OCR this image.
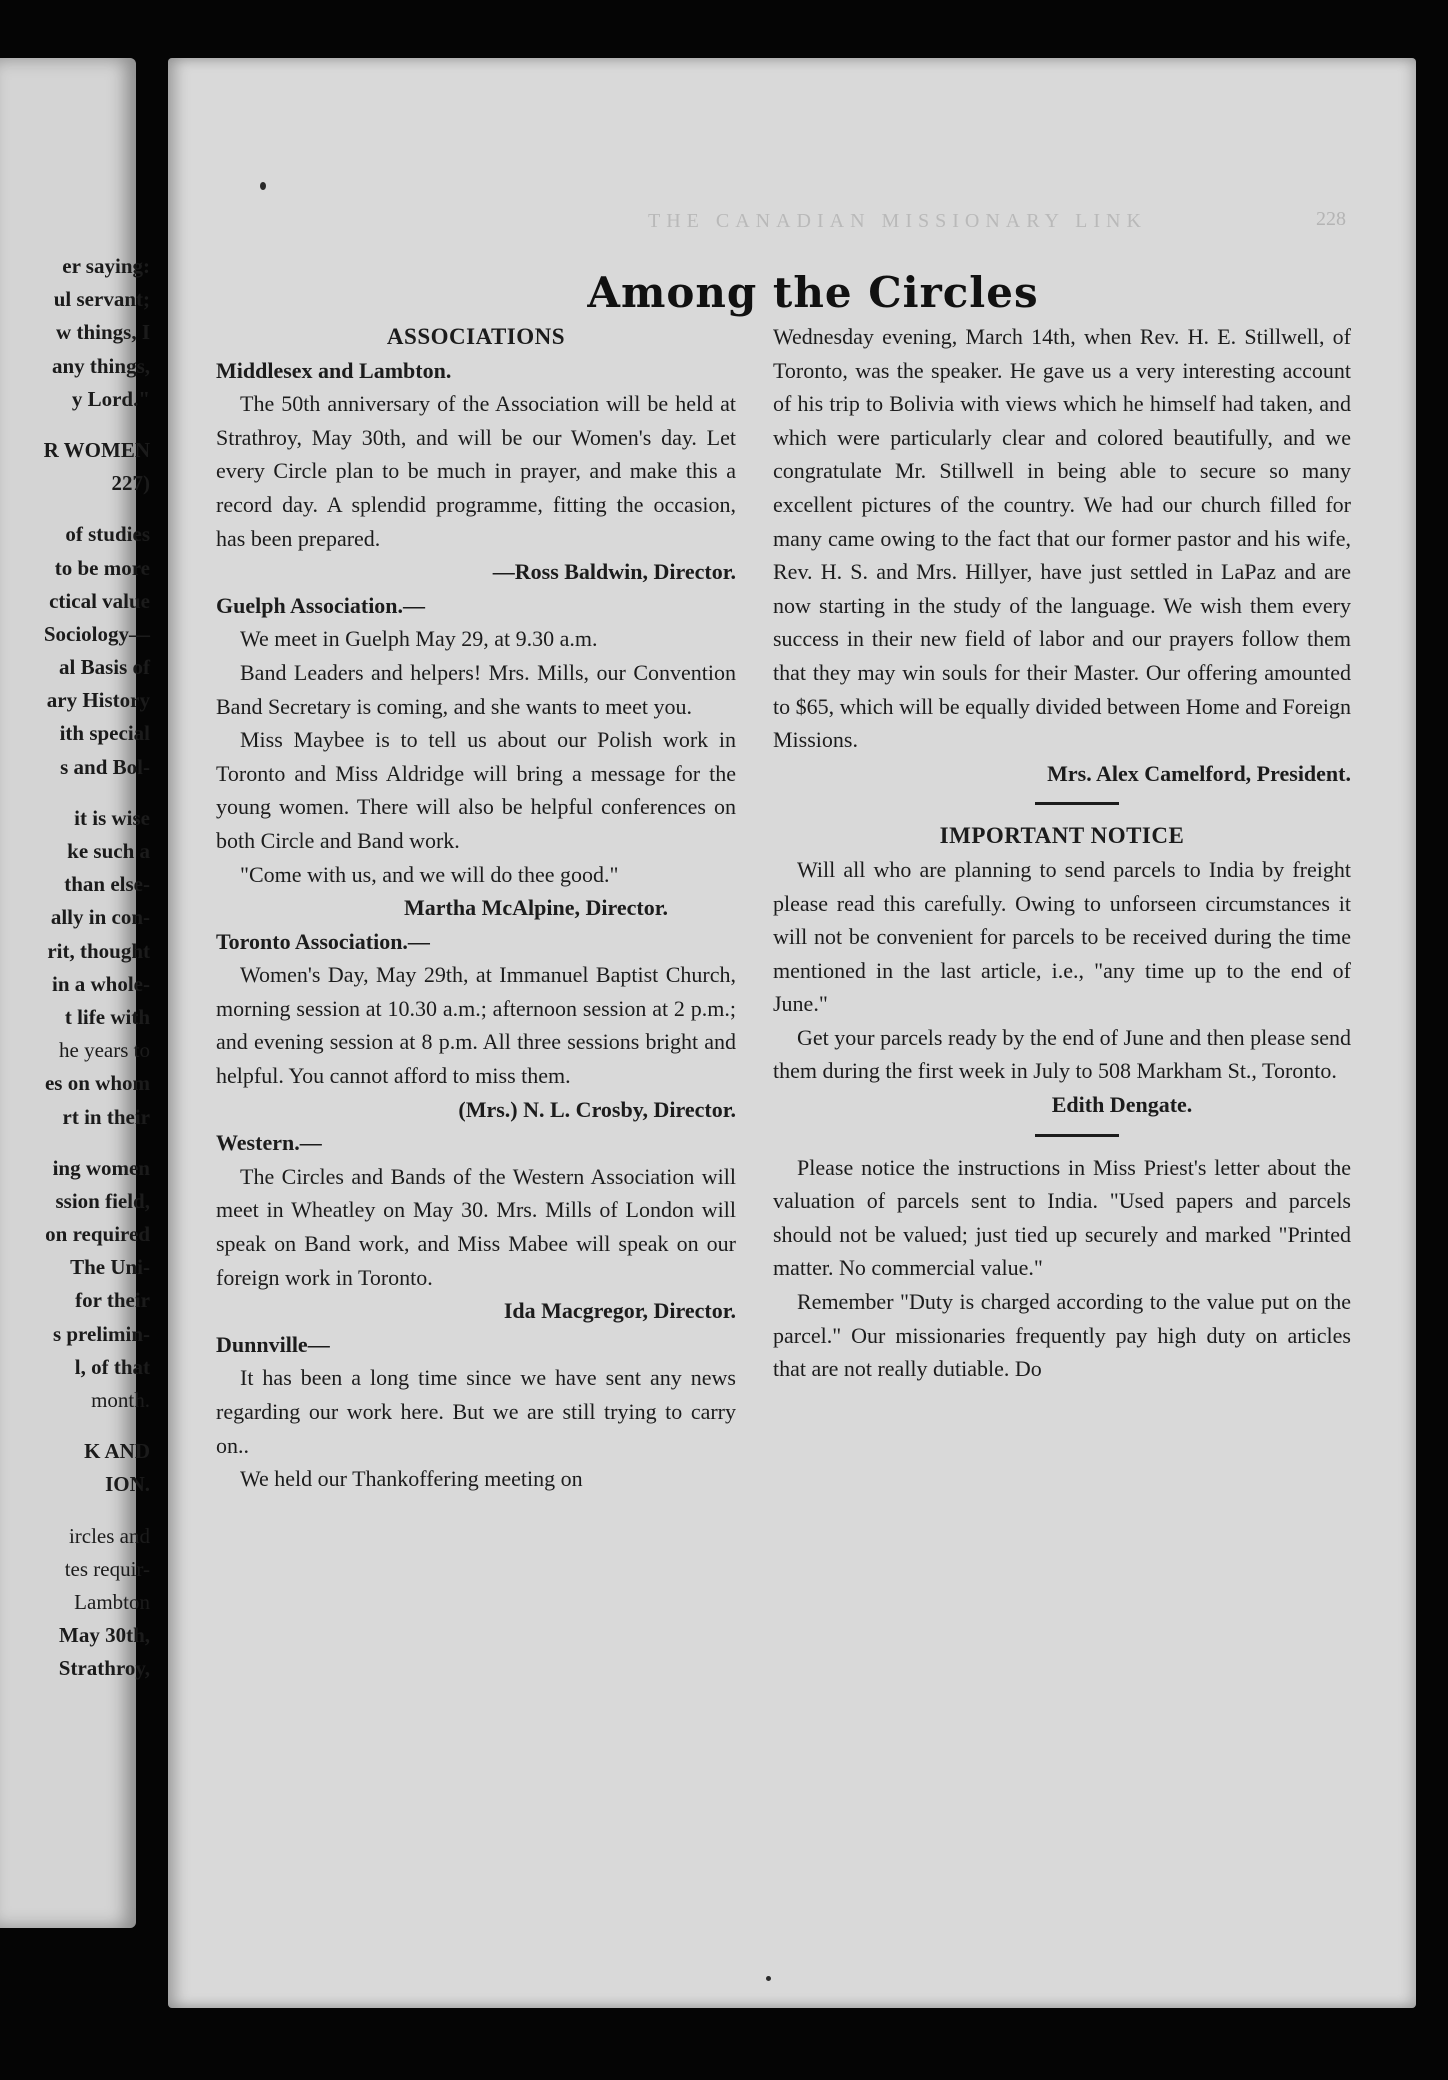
er saying:
ul servant;
w things, I
any things,
y Lord."
R WOMEN
227)
of studies
to be more
ctical value
Sociology—
al Basis of
ary History
ith special
s and Bol-
it is wise
ke such a
than else-
ally in con-
rit, thought
in a whole-
t life with
he years to
es on whom
rt in their
ing women
ssion field,
on required
The Uni-
for their
s prelimin-
l, of that
month.
K AND
ION.
ircles and
tes requir-
Lambton
May 30th,
Strathroy,
THE CANADIAN MISSIONARY LINK	228
Among the Circles

ASSOCIATIONS

Middlesex and Lambton.

The 50th anniversary of the Association will be held at Strathroy, May 30th, and will be our Women's day. Let every Circle plan to be much in prayer, and make this a record day. A splendid programme, fitting the occasion, has been prepared.

—Ross Baldwin, Director.

Guelph Association.—

We meet in Guelph May 29, at 9.30 a.m.

Band Leaders and helpers! Mrs. Mills, our Convention Band Secretary is coming, and she wants to meet you.

Miss Maybee is to tell us about our Polish work in Toronto and Miss Aldridge will bring a message for the young women. There will also be helpful conferences on both Circle and Band work.

"Come with us, and we will do thee good."

Martha McAlpine, Director.

Toronto Association.—

Women's Day, May 29th, at Immanuel Baptist Church, morning session at 10.30 a.m.; afternoon session at 2 p.m.; and evening session at 8 p.m. All three sessions bright and helpful. You cannot afford to miss them.

(Mrs.) N. L. Crosby, Director.

Western.—

The Circles and Bands of the Western Association will meet in Wheatley on May 30. Mrs. Mills of London will speak on Band work, and Miss Mabee will speak on our foreign work in Toronto.

Ida Macgregor, Director.

Dunnville—

It has been a long time since we have sent any news regarding our work here. But we are still trying to carry on..

We held our Thankoffering meeting on

Wednesday evening, March 14th, when Rev. H. E. Stillwell, of Toronto, was the speaker. He gave us a very interesting account of his trip to Bolivia with views which he himself had taken, and which were particularly clear and colored beautifully, and we congratulate Mr. Stillwell in being able to secure so many excellent pictures of the country. We had our church filled for many came owing to the fact that our former pastor and his wife, Rev. H. S. and Mrs. Hillyer, have just settled in LaPaz and are now starting in the study of the language. We wish them every success in their new field of labor and our prayers follow them that they may win souls for their Master. Our offering amounted to $65, which will be equally divided between Home and Foreign Missions.

Mrs. Alex Camelford, President.

IMPORTANT NOTICE

Will all who are planning to send parcels to India by freight please read this carefully. Owing to unforseen circumstances it will not be convenient for parcels to be received during the time mentioned in the last article, i.e., "any time up to the end of June."

Get your parcels ready by the end of June and then please send them during the first week in July to 508 Markham St., Toronto.

Edith Dengate.

Please notice the instructions in Miss Priest's letter about the valuation of parcels sent to India. "Used papers and parcels should not be valued; just tied up securely and marked "Printed matter. No commercial value."

Remember "Duty is charged according to the value put on the parcel." Our missionaries frequently pay high duty on articles that are not really dutiable. Do
